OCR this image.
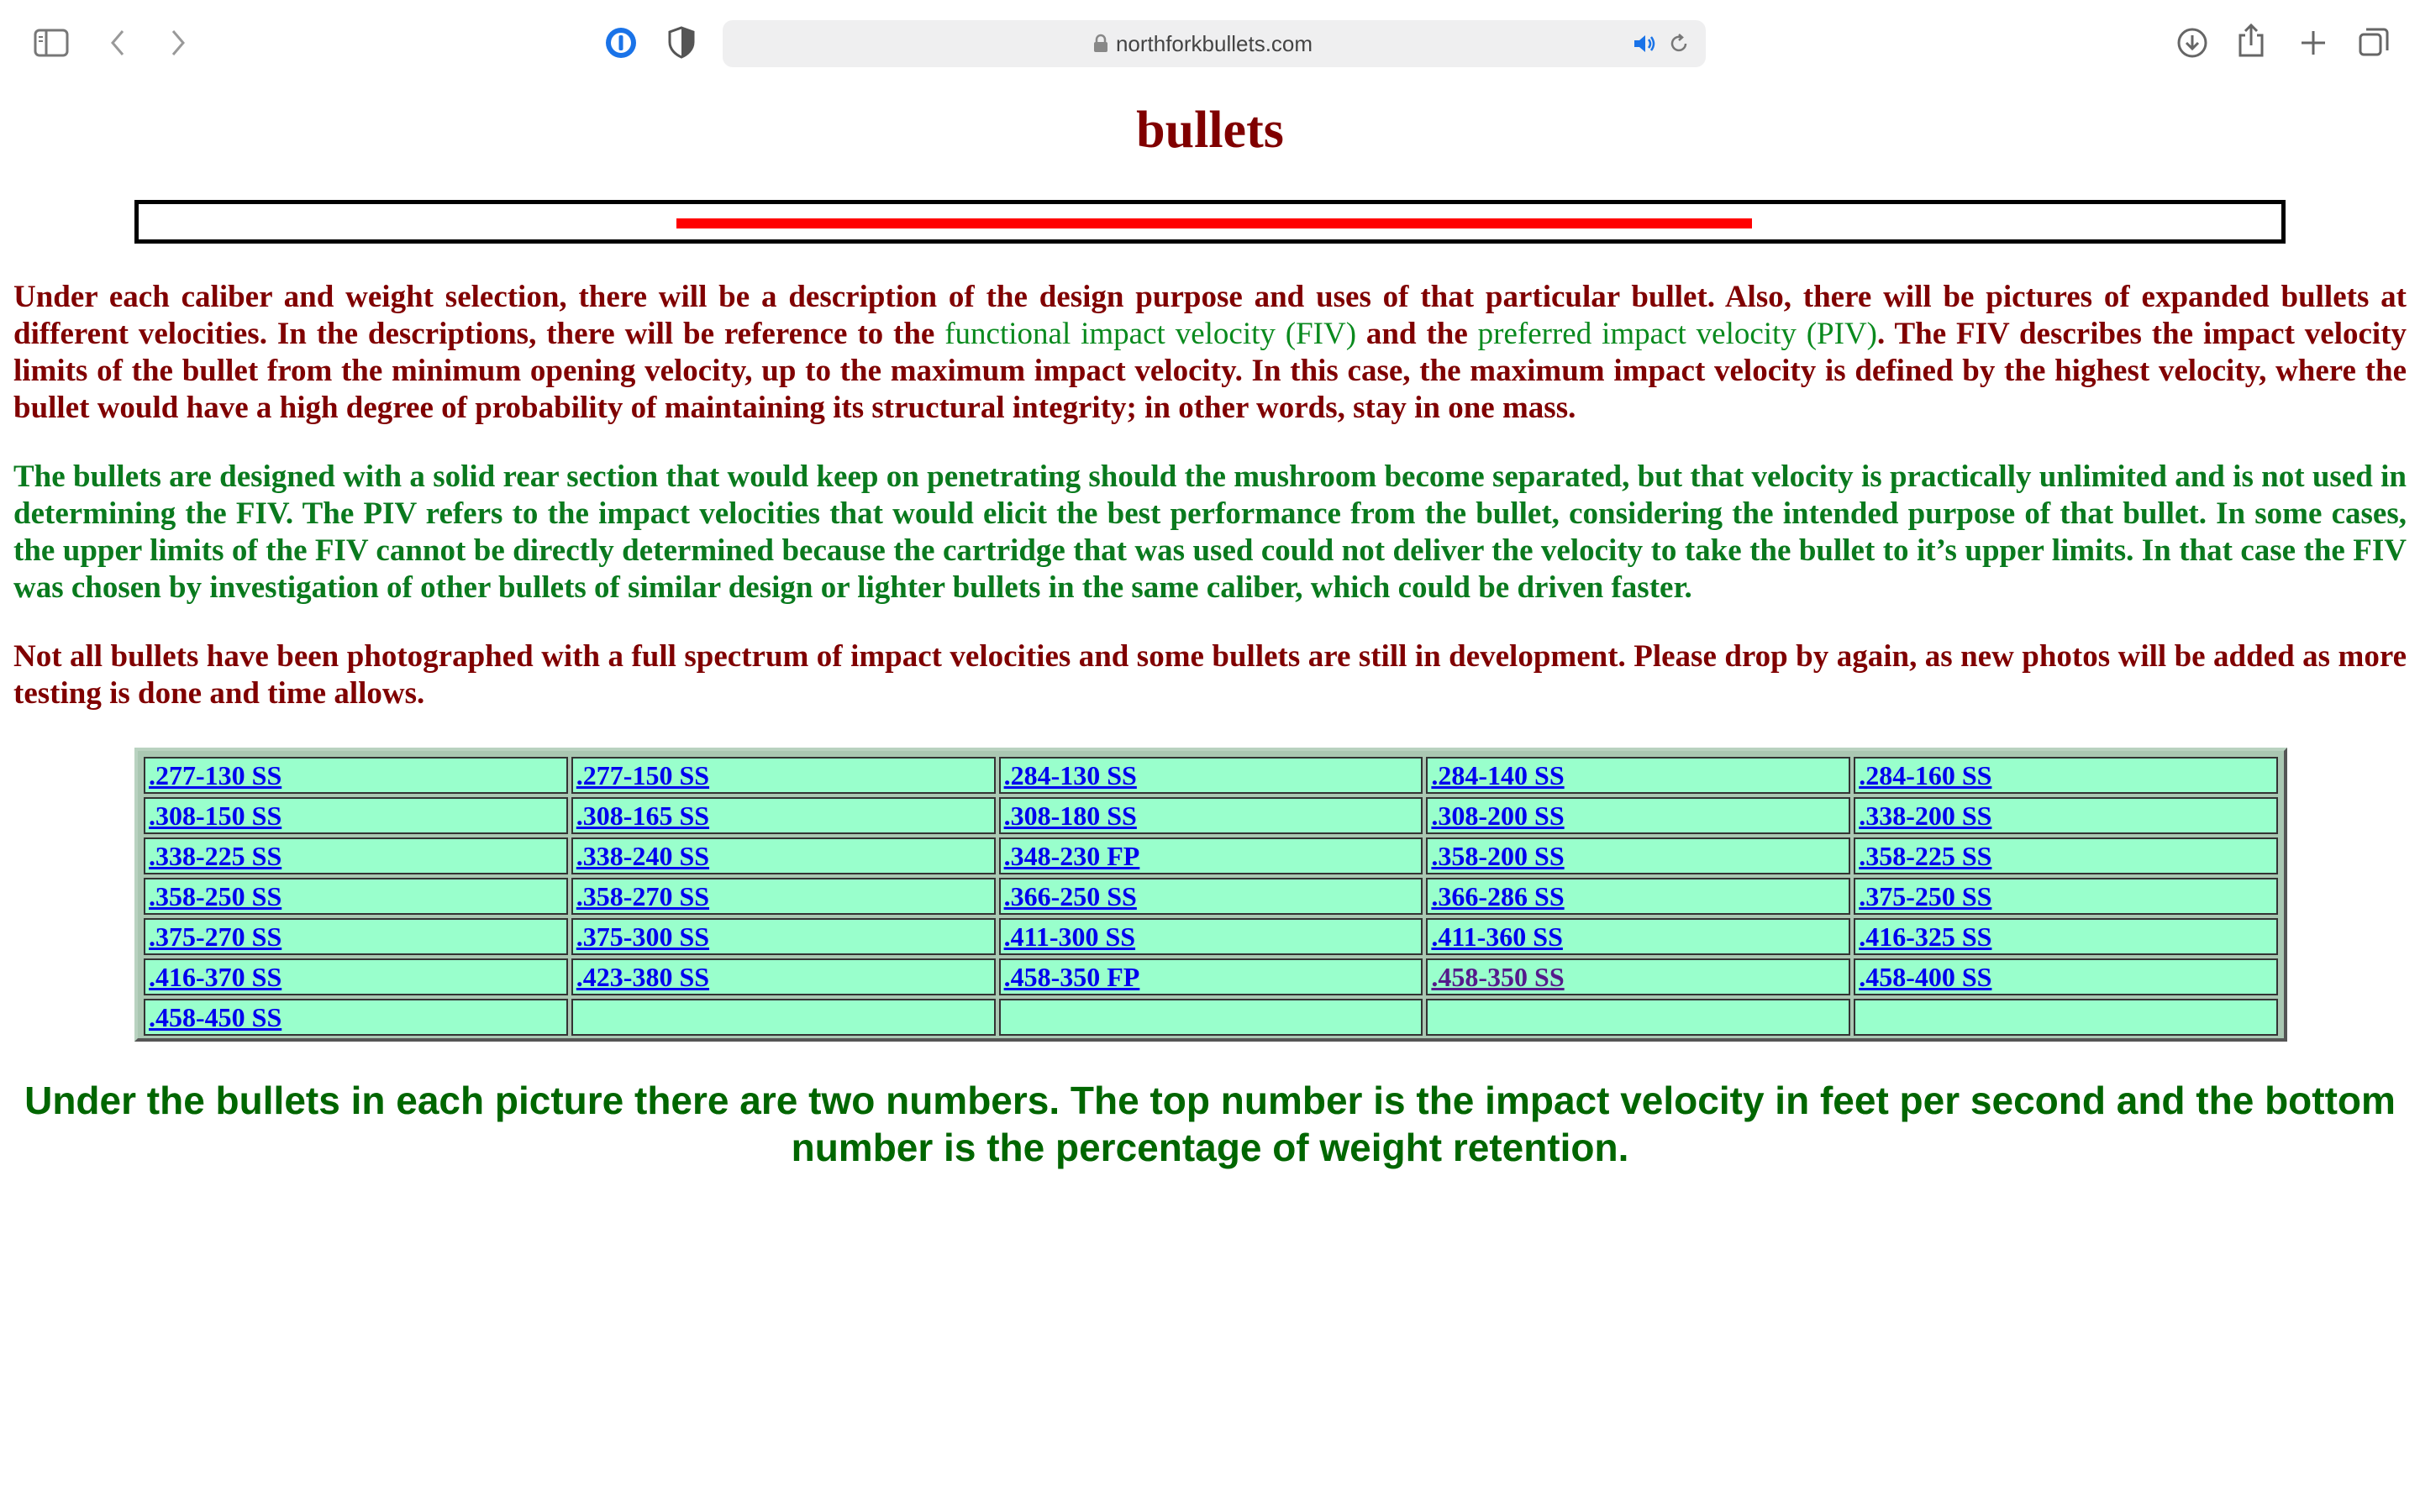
northforkbullets.com
bullets

Under each caliber and weight selection, there will be a description of the design purpose and uses of that particular bullet. Also, there will be pictures of expanded bullets at different velocities. In the descriptions, there will be reference to the functional impact velocity (FIV) and the preferred impact velocity (PIV). The FIV describes the impact velocity limits of the bullet from the minimum opening velocity, up to the maximum impact velocity. In this case, the maximum impact velocity is defined by the highest velocity, where the bullet would have a high degree of probability of maintaining its structural integrity; in other words, stay in one mass.

The bullets are designed with a solid rear section that would keep on penetrating should the mushroom become separated, but that velocity is practically unlimited and is not used in determining the FIV. The PIV refers to the impact velocities that would elicit the best performance from the bullet, considering the intended purpose of that bullet. In some cases, the upper limits of the FIV cannot be directly determined because the cartridge that was used could not deliver the velocity to take the bullet to it’s upper limits. In that case the FIV was chosen by investigation of other bullets of similar design or lighter bullets in the same caliber, which could be driven faster.

Not all bullets have been photographed with a full spectrum of impact velocities and some bullets are still in development. Please drop by again, as new photos will be added as more testing is done and time allows.

.277-130 SS	.277-150 SS	.284-130 SS	.284-140 SS	.284-160 SS
.308-150 SS	.308-165 SS	.308-180 SS	.308-200 SS	.338-200 SS
.338-225 SS	.338-240 SS	.348-230 FP	.358-200 SS	.358-225 SS
.358-250 SS	.358-270 SS	.366-250 SS	.366-286 SS	.375-250 SS
.375-270 SS	.375-300 SS	.411-300 SS	.411-360 SS	.416-325 SS
.416-370 SS	.423-380 SS	.458-350 FP	.458-350 SS	.458-400 SS
.458-450 SS				

Under the bullets in each picture there are two numbers. The top number is the impact velocity in feet per second and the bottom number is the percentage of weight retention.
